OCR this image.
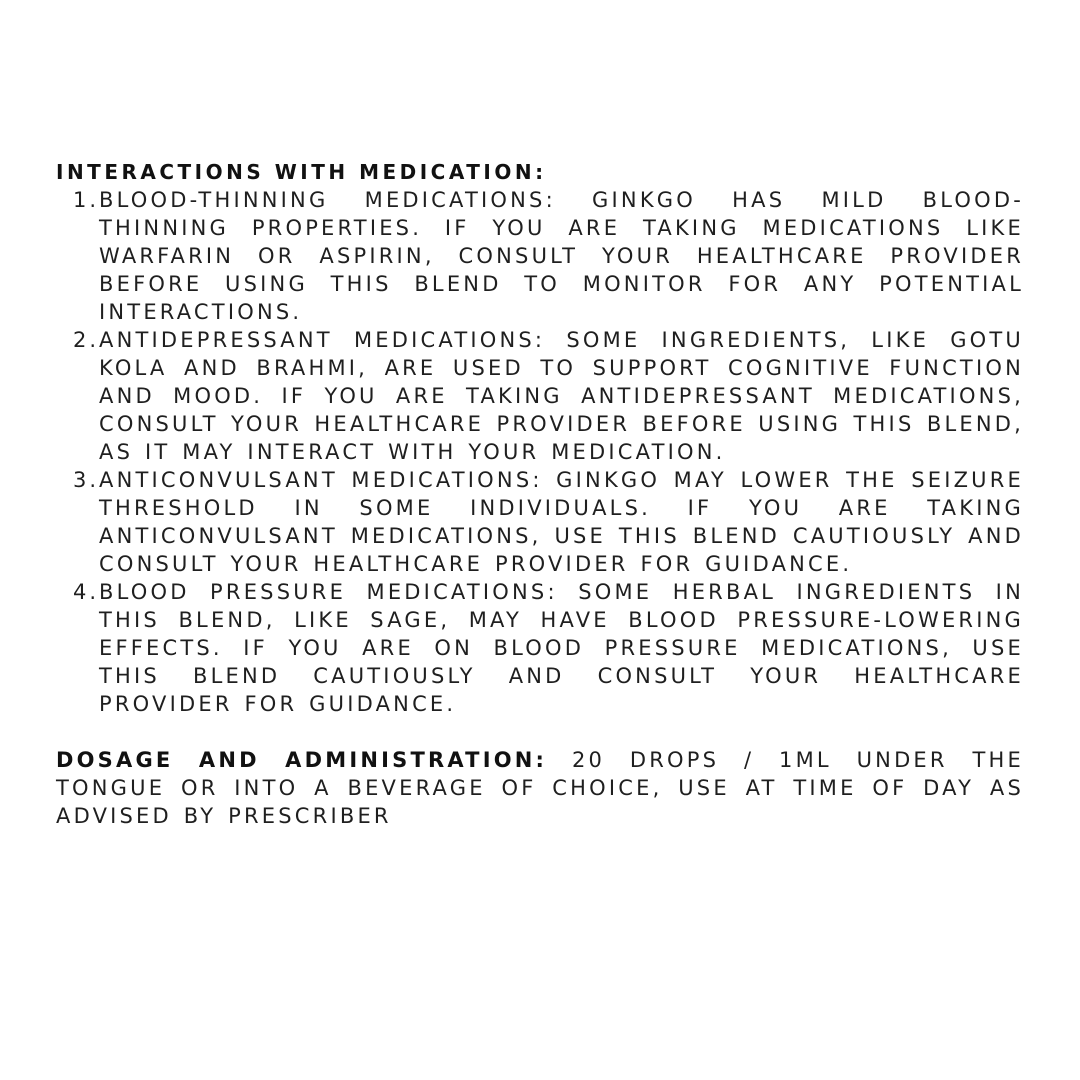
INTERACTIONS WITH MEDICATION:
1. BLOOD-THINNING MEDICATIONS: GINKGO HAS MILD BLOOD-THINNING PROPERTIES. IF YOU ARE TAKING MEDICATIONS LIKE WARFARIN OR ASPIRIN, CONSULT YOUR HEALTHCARE PROVIDER BEFORE USING THIS BLEND TO MONITOR FOR ANY POTENTIAL INTERACTIONS.
2. ANTIDEPRESSANT MEDICATIONS: SOME INGREDIENTS, LIKE GOTU KOLA AND BRAHMI, ARE USED TO SUPPORT COGNITIVE FUNCTION AND MOOD. IF YOU ARE TAKING ANTIDEPRESSANT MEDICATIONS, CONSULT YOUR HEALTHCARE PROVIDER BEFORE USING THIS BLEND, AS IT MAY INTERACT WITH YOUR MEDICATION.
3. ANTICONVULSANT MEDICATIONS: GINKGO MAY LOWER THE SEIZURE THRESHOLD IN SOME INDIVIDUALS. IF YOU ARE TAKING ANTICONVULSANT MEDICATIONS, USE THIS BLEND CAUTIOUSLY AND CONSULT YOUR HEALTHCARE PROVIDER FOR GUIDANCE.
4. BLOOD PRESSURE MEDICATIONS: SOME HERBAL INGREDIENTS IN THIS BLEND, LIKE SAGE, MAY HAVE BLOOD PRESSURE-LOWERING EFFECTS. IF YOU ARE ON BLOOD PRESSURE MEDICATIONS, USE THIS BLEND CAUTIOUSLY AND CONSULT YOUR HEALTHCARE PROVIDER FOR GUIDANCE.

DOSAGE AND ADMINISTRATION: 20 DROPS / 1ML UNDER THE TONGUE OR INTO A BEVERAGE OF CHOICE, USE AT TIME OF DAY AS ADVISED BY PRESCRIBER
